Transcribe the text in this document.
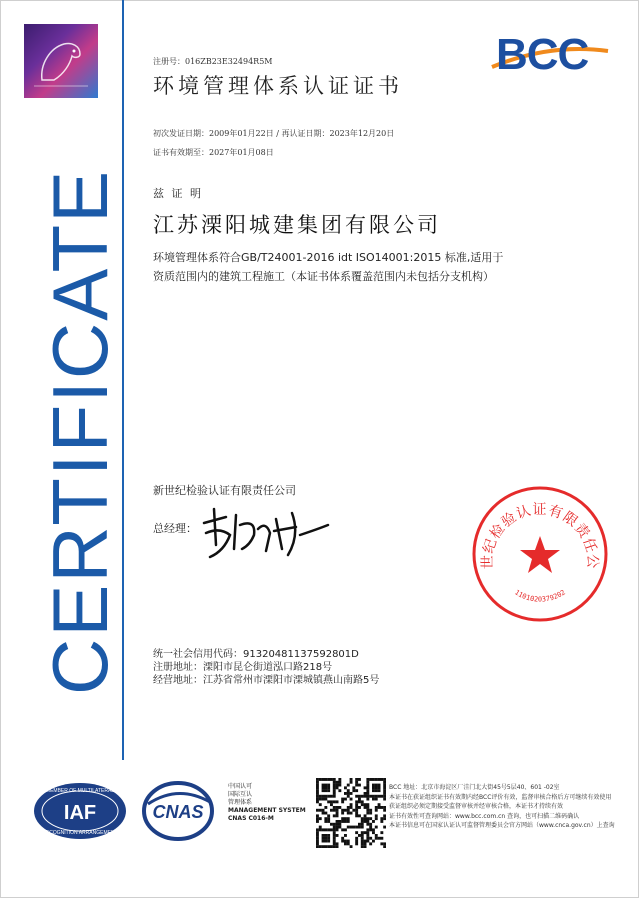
CERTIFICATE
注册号：016ZB23E32494R5M
环境管理体系认证证书
BCC
初次发证日期：2009年01月22日 / 再认证日期：2023年12月20日
证书有效期至：2027年01月08日
兹 证 明
江苏溧阳城建集团有限公司
环境管理体系符合GB/T24001-2016 idt ISO14001:2015 标准,适用于
资质范围内的建筑工程施工（本证书体系覆盖范围内未包括分支机构）
新世纪检验认证有限责任公司
总经理：
世纪检验认证有限责任公
1101020379202
统一社会信用代码：91320481137592801D
注册地址：溧阳市昆仑街道泓口路218号
经营地址：江苏省常州市溧阳市溧城镇燕山南路5号
MEMBER OF MULTILATERAL
IAF
RECOGNITION ARRANGEMENT
CNAS
中国认可
国际互认
管理体系
MANAGEMENT SYSTEM
CNAS C016-M
BCC 地址：北京市海淀区厂洼门北大街45号5层40、601 -02室
本证书在获证组织证书有效期内经BCC评价有效，监督审核合格后方可继续有效使用
获证组织必须定期接受监督审核并经审核合格，本证书才持续有效
证书有效性可查询网站：www.bcc.com.cn 查询，也可扫描二维码确认
本证书信息可在国家认证认可监督管理委员会官方网站（www.cnca.gov.cn）上查询
